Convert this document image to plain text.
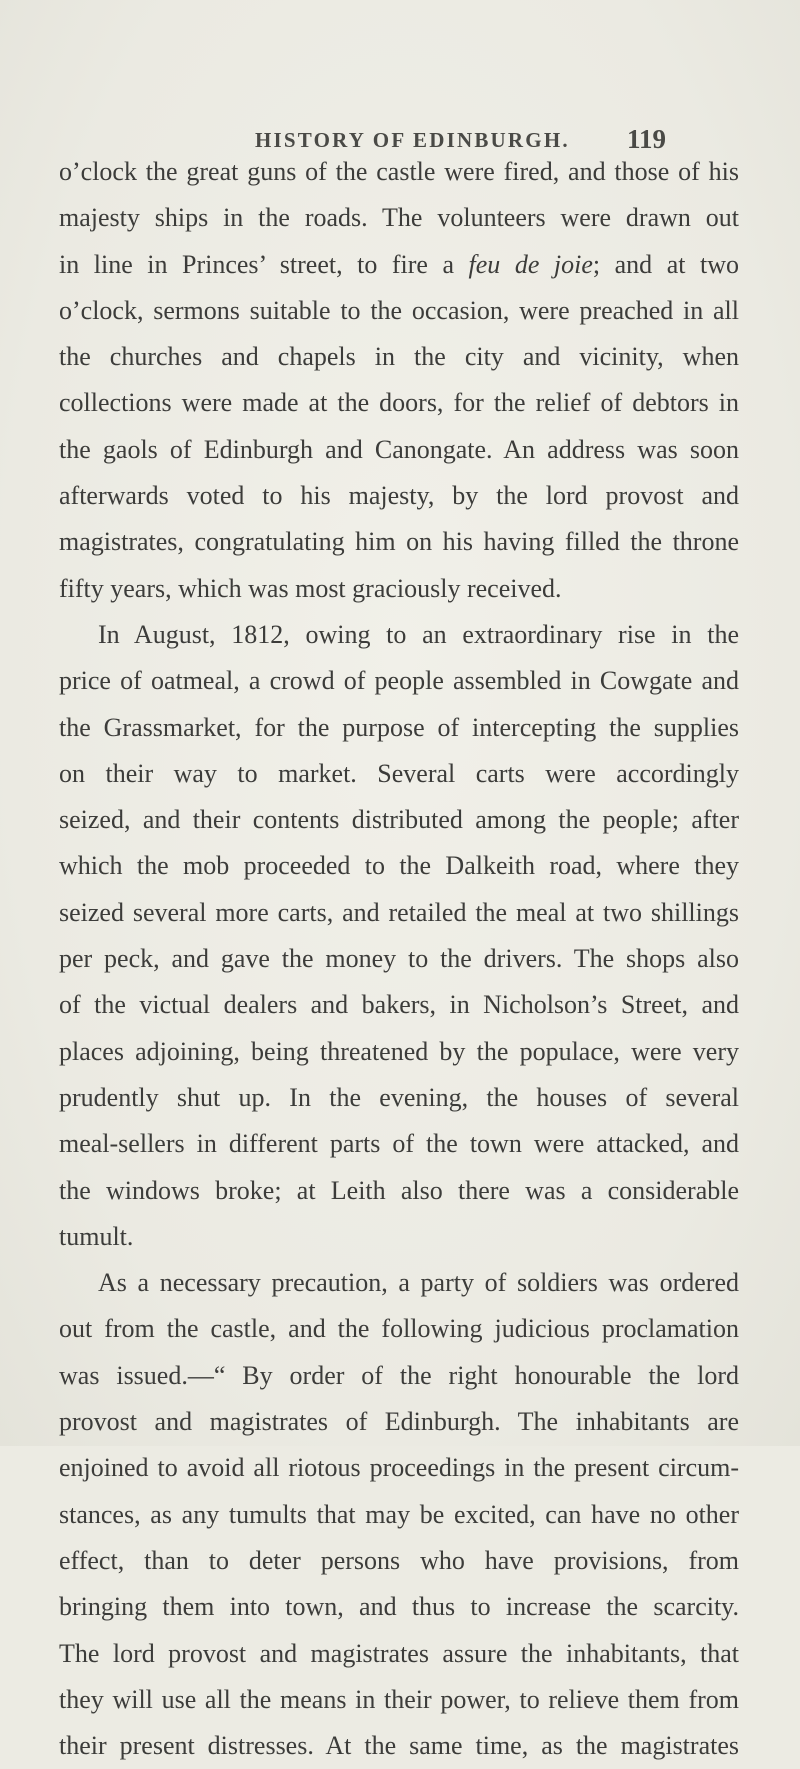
HISTORY OF EDINBURGH. 119
o’clock the great guns of the castle were fired, and those of his
majesty ships in the roads. The volunteers were drawn out
in line in Princes’ street, to fire a feu de joie; and at two
o’clock, sermons suitable to the occasion, were preached in all
the churches and chapels in the city and vicinity, when
collections were made at the doors, for the relief of debtors in
the gaols of Edinburgh and Canongate. An address was soon
afterwards voted to his majesty, by the lord provost and
magistrates, congratulating him on his having filled the throne
fifty years, which was most graciously received.
In August, 1812, owing to an extraordinary rise in the
price of oatmeal, a crowd of people assembled in Cowgate and
the Grassmarket, for the purpose of intercepting the supplies
on their way to market. Several carts were accordingly
seized, and their contents distributed among the people; after
which the mob proceeded to the Dalkeith road, where they
seized several more carts, and retailed the meal at two shillings
per peck, and gave the money to the drivers. The shops also
of the victual dealers and bakers, in Nicholson’s Street, and
places adjoining, being threatened by the populace, were very
prudently shut up. In the evening, the houses of several
meal-sellers in different parts of the town were attacked, and
the windows broke; at Leith also there was a considerable
tumult.
As a necessary precaution, a party of soldiers was ordered
out from the castle, and the following judicious proclamation
was issued.—“ By order of the right honourable the lord
provost and magistrates of Edinburgh. The inhabitants are
enjoined to avoid all riotous proceedings in the present circum-
stances, as any tumults that may be excited, can have no other
effect, than to deter persons who have provisions, from
bringing them into town, and thus to increase the scarcity.
The lord provost and magistrates assure the inhabitants, that
they will use all the means in their power, to relieve them from
their present distresses. At the same time, as the magistrates
